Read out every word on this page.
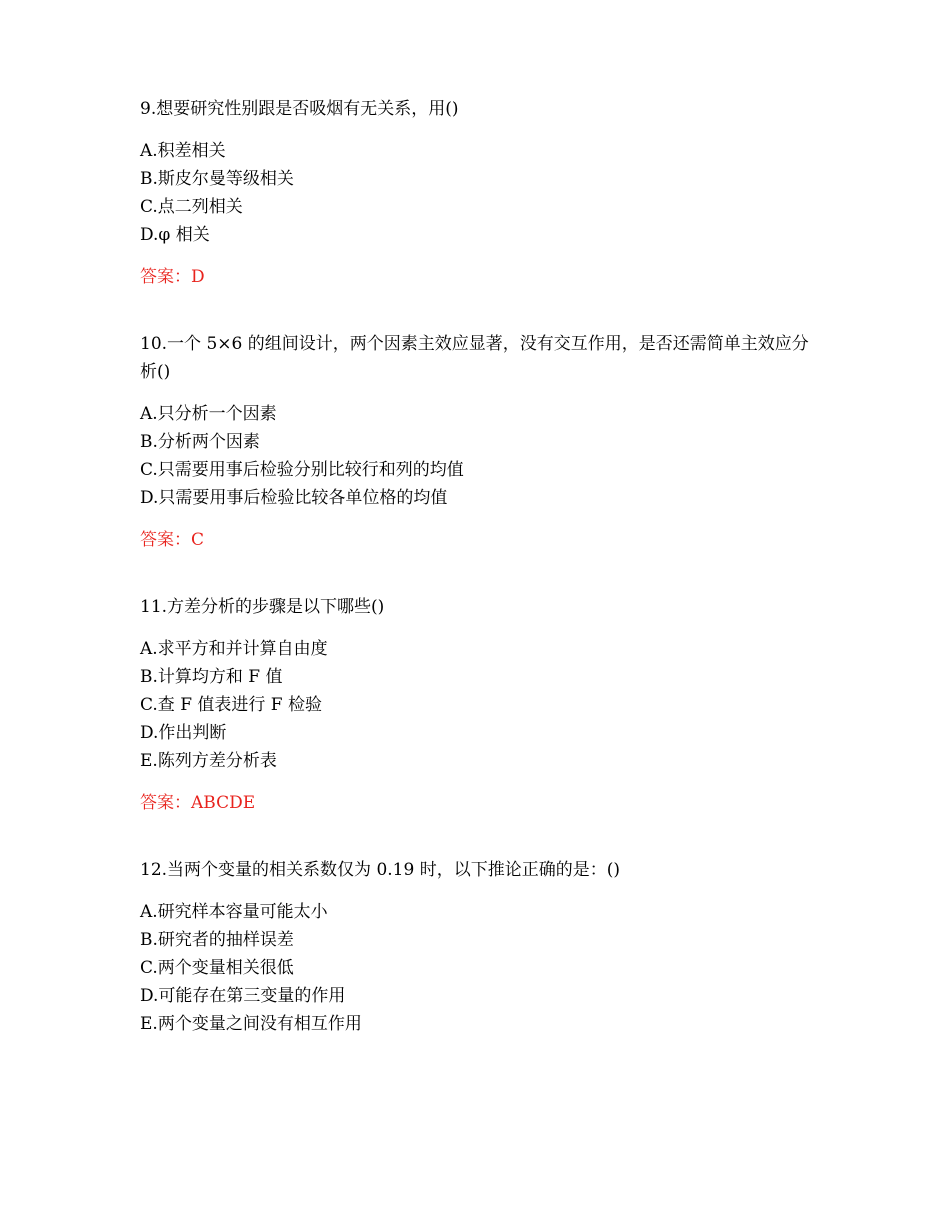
9.想要研究性别跟是否吸烟有无关系，用()

A.积差相关

B.斯皮尔曼等级相关

C.点二列相关

D.φ 相关

答案：D

10.一个 5×6 的组间设计，两个因素主效应显著，没有交互作用，是否还需简单主效应分析()

A.只分析一个因素

B.分析两个因素

C.只需要用事后检验分别比较行和列的均值

D.只需要用事后检验比较各单位格的均值

答案：C

11.方差分析的步骤是以下哪些()

A.求平方和并计算自由度

B.计算均方和 F 值

C.查 F 值表进行 F 检验

D.作出判断

E.陈列方差分析表

答案：ABCDE

12.当两个变量的相关系数仅为 0.19 时，以下推论正确的是：()

A.研究样本容量可能太小

B.研究者的抽样误差

C.两个变量相关很低

D.可能存在第三变量的作用

E.两个变量之间没有相互作用
